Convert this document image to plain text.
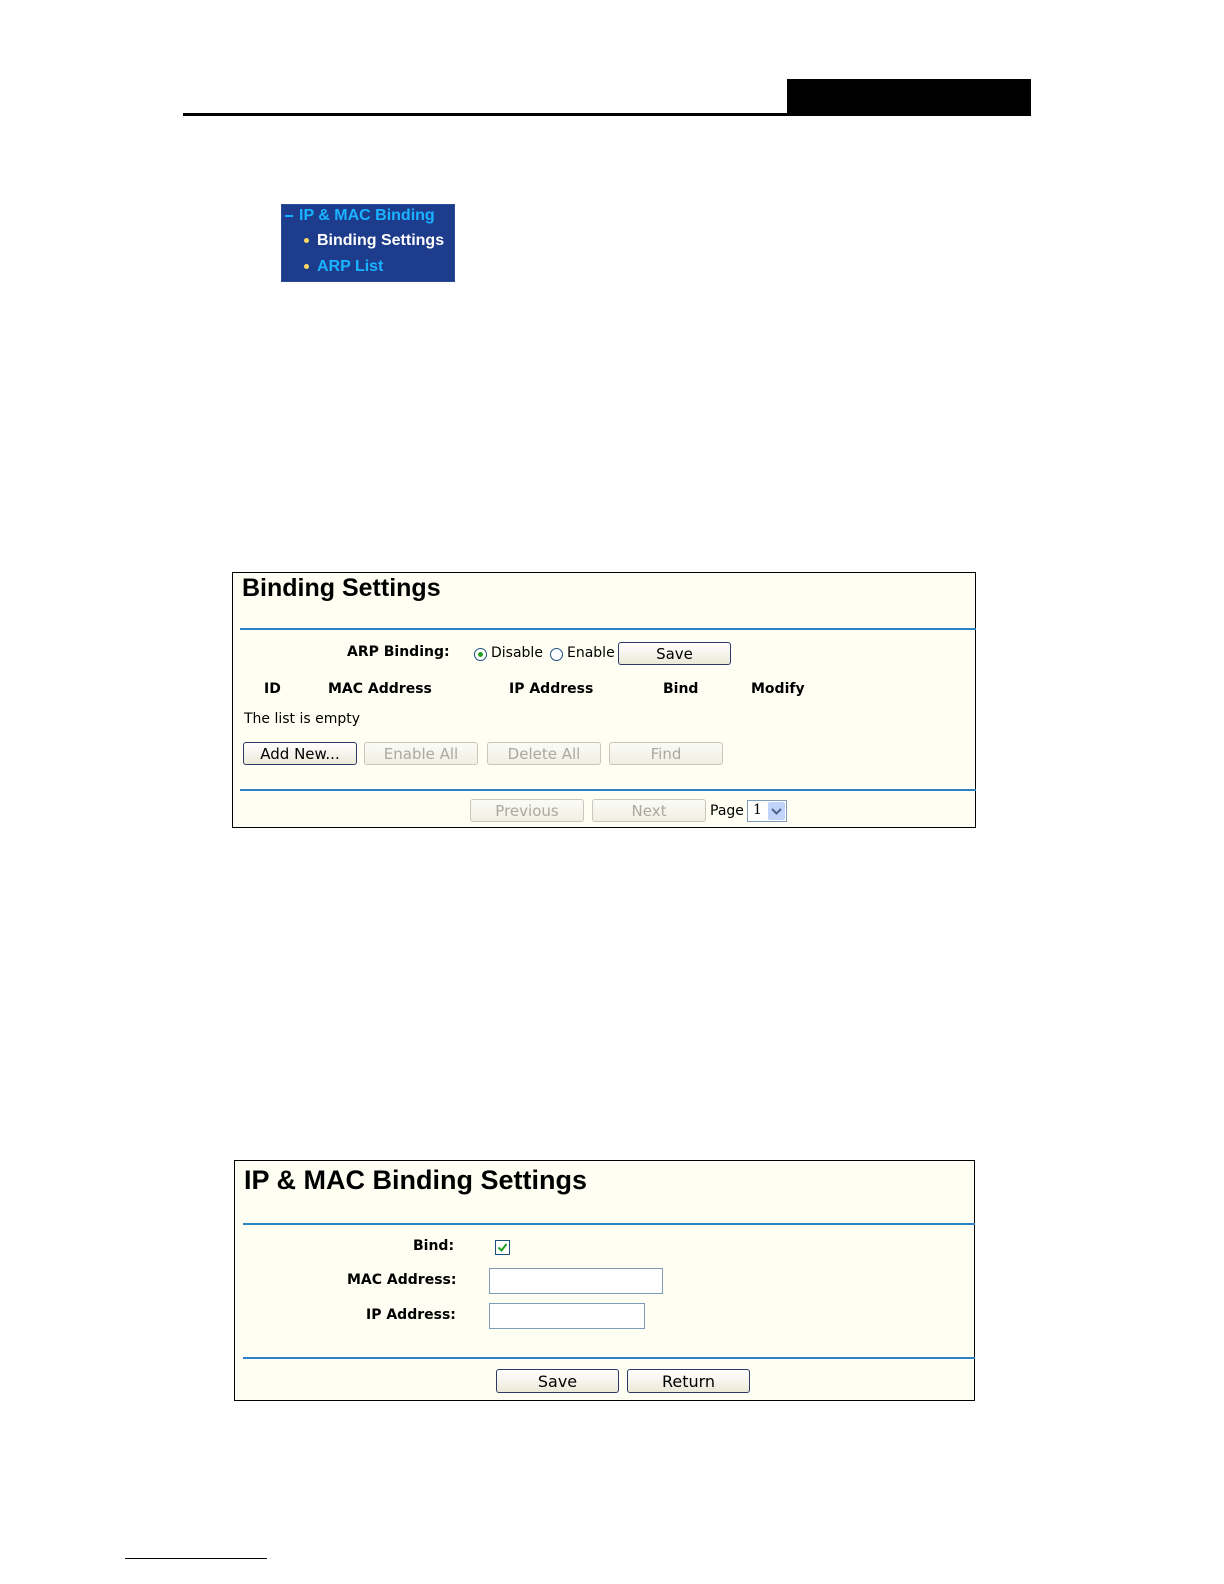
IP & MAC Binding
Binding Settings
ARP List
Binding Settings
ARP Binding:	Disable Enable	Save
ID	MAC Address	IP Address	Bind	Modify
The list is empty
Add New...	Enable All	Delete All	Find
Previous	Next	Page 1
IP & MAC Binding Settings
Bind:
MAC Address:
IP Address:
Save	Return
